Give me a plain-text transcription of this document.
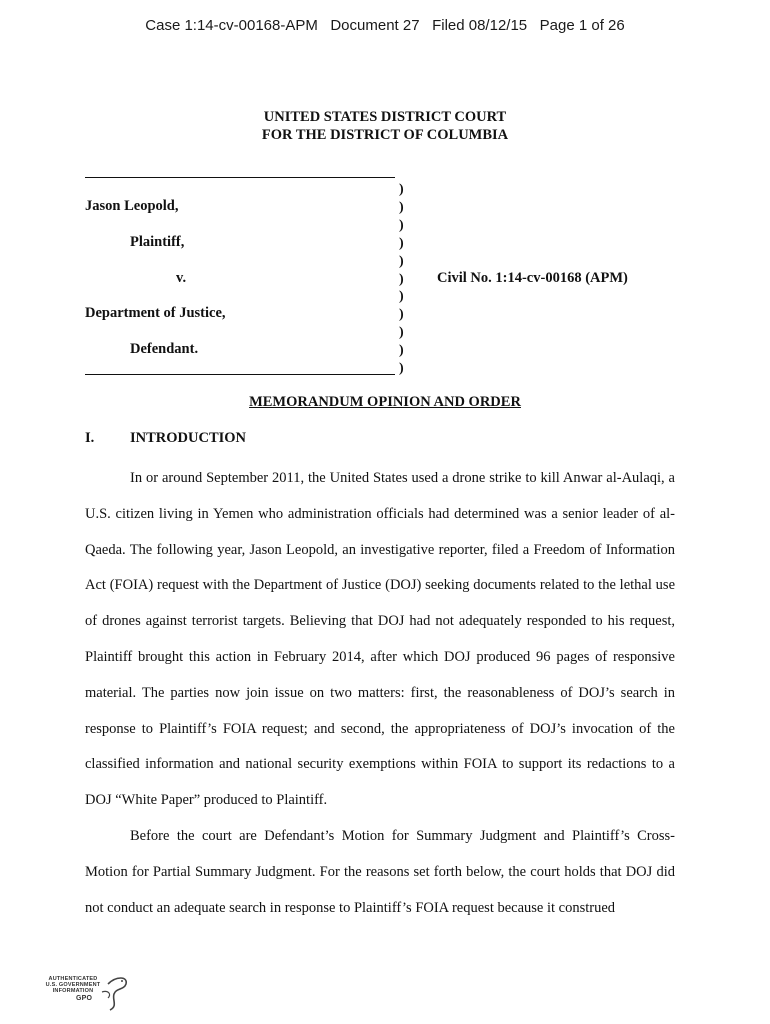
Case 1:14-cv-00168-APM   Document 27   Filed 08/12/15   Page 1 of 26
UNITED STATES DISTRICT COURT
FOR THE DISTRICT OF COLUMBIA
)
)
)
)
)
)
)
)
)
)
)
Jason Leopold,
Plaintiff,
v.	Civil No. 1:14-cv-00168 (APM)
Department of Justice,
Defendant.
MEMORANDUM OPINION AND ORDER
I. INTRODUCTION

In or around September 2011, the United States used a drone strike to kill Anwar al-Aulaqi, a U.S. citizen living in Yemen who administration officials had determined was a senior leader of al-Qaeda. The following year, Jason Leopold, an investigative reporter, filed a Freedom of Information Act (FOIA) request with the Department of Justice (DOJ) seeking documents related to the lethal use of drones against terrorist targets. Believing that DOJ had not adequately responded to his request, Plaintiff brought this action in February 2014, after which DOJ produced 96 pages of responsive material. The parties now join issue on two matters: first, the reasonableness of DOJ’s search in response to Plaintiff’s FOIA request; and second, the appropriateness of DOJ’s invocation of the classified information and national security exemptions within FOIA to support its redactions to a DOJ “White Paper” produced to Plaintiff.

Before the court are Defendant’s Motion for Summary Judgment and Plaintiff’s Cross-Motion for Partial Summary Judgment. For the reasons set forth below, the court holds that DOJ did not conduct an adequate search in response to Plaintiff’s FOIA request because it construed

AUTHENTICATED
U.S. GOVERNMENT
INFORMATION
GPO
